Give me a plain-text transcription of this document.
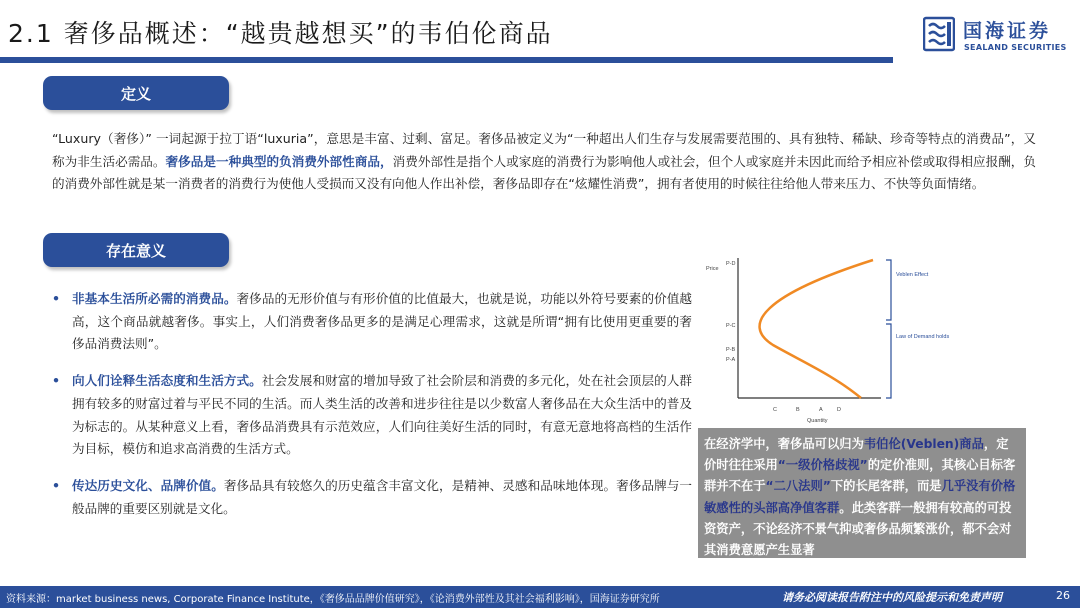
2.1 奢侈品概述：“越贵越想买”的韦伯伦商品	国海证券
SEALAND SECURITIES
定义
“Luxury（奢侈）” 一词起源于拉丁语“luxuria”，意思是丰富、过剩、富足。奢侈品被定义为“一种超出人们生存与发展需要范围的、具有独特、稀缺、珍奇等特点的消费品”，又称为非生活必需品。奢侈品是一种典型的负消费外部性商品，消费外部性是指个人或家庭的消费行为影响他人或社会，但个人或家庭并未因此而给予相应补偿或取得相应报酬，负的消费外部性就是某一消费者的消费行为使他人受损而又没有向他人作出补偿，奢侈品即存在“炫耀性消费”，拥有者使用的时候往往给他人带来压力、不快等负面情绪。
存在意义
• 非基本生活所必需的消费品。奢侈品的无形价值与有形价值的比值最大，也就是说，功能以外符号要素的价值越高，这个商品就越奢侈。事实上，人们消费奢侈品更多的是满足心理需求，这就是所谓“拥有比使用更重要的奢侈品消费法则”。
• 向人们诠释生活态度和生活方式。社会发展和财富的增加导致了社会阶层和消费的多元化，处在社会顶层的人群拥有较多的财富过着与平民不同的生活。而人类生活的改善和进步往往是以少数富人奢侈品在大众生活中的普及为标志的。从某种意义上看，奢侈品消费具有示范效应，人们向往美好生活的同时，有意无意地将高档的生活作为目标，模仿和追求高消费的生活方式。
• 传达历史文化、品牌价值。奢侈品具有较悠久的历史蕴含丰富文化，是精神、灵感和品味地体现。奢侈品牌与一般品牌的重要区别就是文化。
Price
Quantity
P-D
P-C
P-B
P-A
C	B	A	D
Veblen Effect
Law of Demand holds
在经济学中，奢侈品可以归为韦伯伦(Veblen)商品，定价时往往采用“一级价格歧视”的定价准则，其核心目标客群并不在于“二八法则”下的长尾客群，而是几乎没有价格敏感性的头部高净值客群。此类客群一般拥有较高的可投资资产，不论经济不景气抑或奢侈品频繁涨价，都不会对其消费意愿产生显著
资料来源：market business news, Corporate Finance Institute，《奢侈品品牌价值研究》，《论消费外部性及其社会福利影响》，国海证券研究所	请务必阅读报告附注中的风险提示和免责声明	26
